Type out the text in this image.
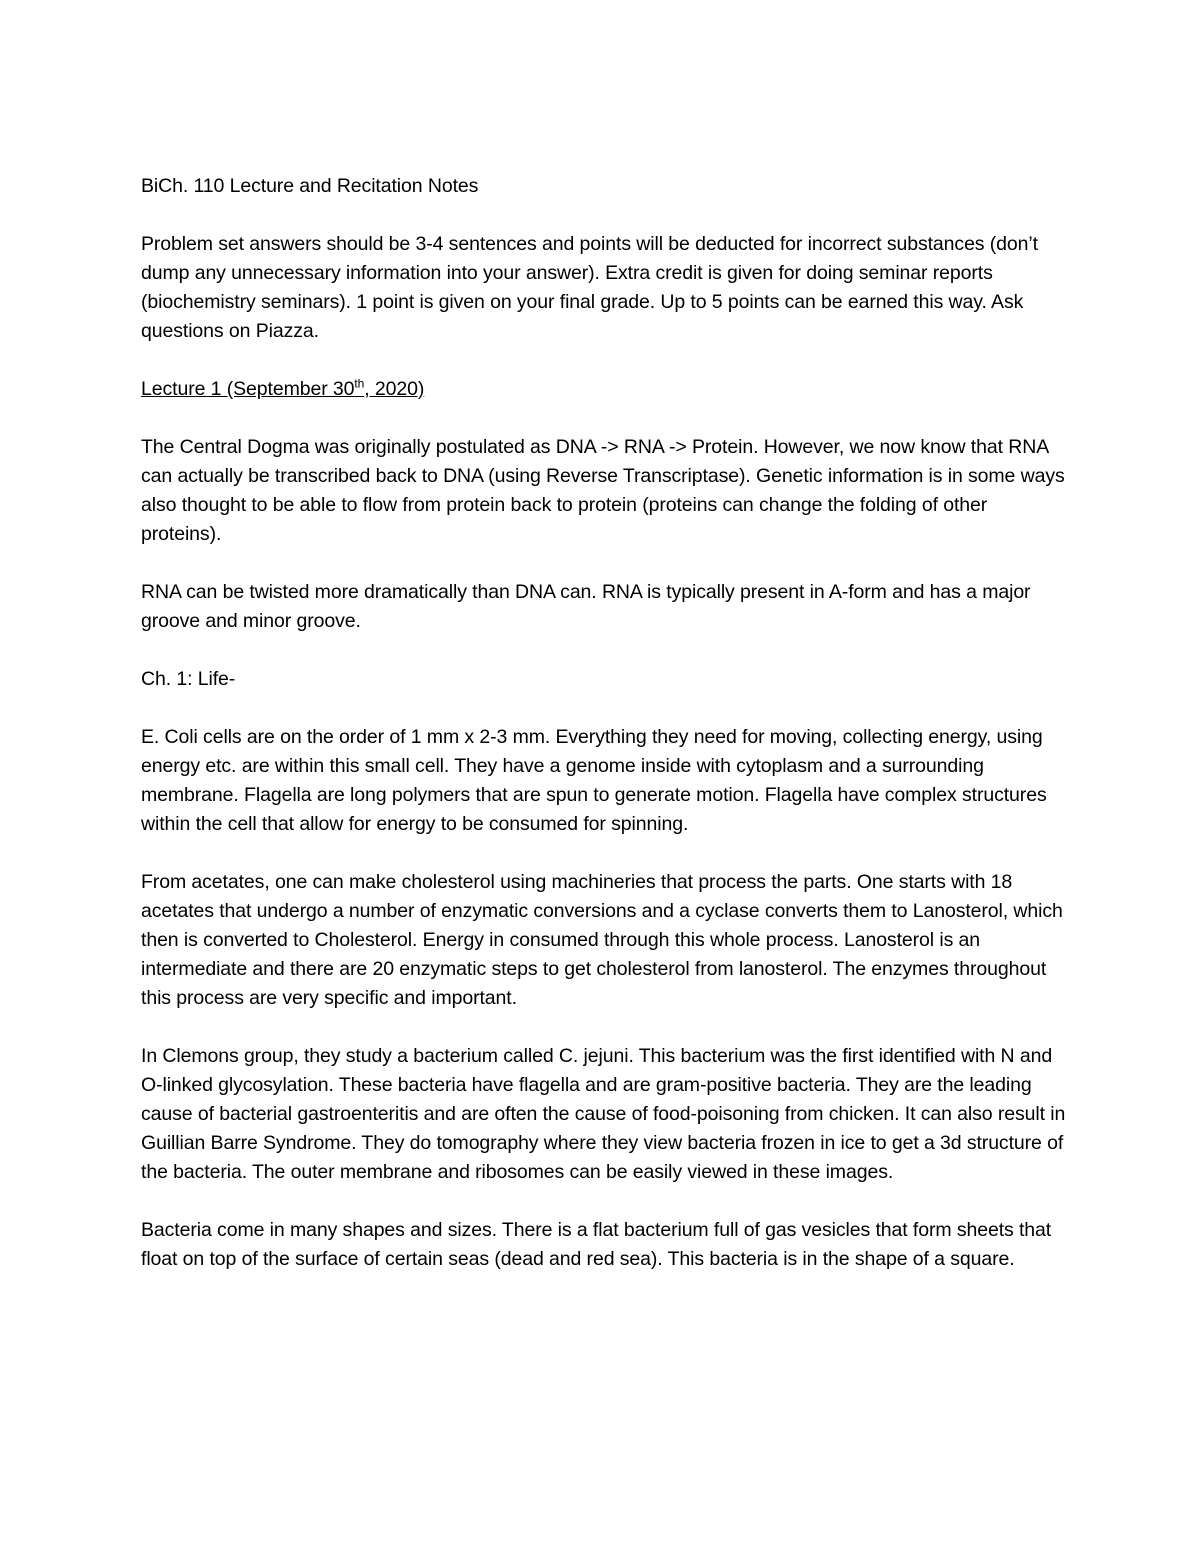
BiCh. 110 Lecture and Recitation Notes

Problem set answers should be 3-4 sentences and points will be deducted for incorrect substances (don’t dump any unnecessary information into your answer). Extra credit is given for doing seminar reports (biochemistry seminars). 1 point is given on your final grade. Up to 5 points can be earned this way. Ask questions on Piazza.

Lecture 1 (September 30th, 2020)

The Central Dogma was originally postulated as DNA -> RNA -> Protein. However, we now know that RNA can actually be transcribed back to DNA (using Reverse Transcriptase). Genetic information is in some ways also thought to be able to flow from protein back to protein (proteins can change the folding of other proteins).

RNA can be twisted more dramatically than DNA can. RNA is typically present in A-form and has a major groove and minor groove.

Ch. 1: Life-

E. Coli cells are on the order of 1 mm x 2-3 mm. Everything they need for moving, collecting energy, using energy etc. are within this small cell. They have a genome inside with cytoplasm and a surrounding membrane. Flagella are long polymers that are spun to generate motion. Flagella have complex structures within the cell that allow for energy to be consumed for spinning.

From acetates, one can make cholesterol using machineries that process the parts. One starts with 18 acetates that undergo a number of enzymatic conversions and a cyclase converts them to Lanosterol, which then is converted to Cholesterol. Energy in consumed through this whole process. Lanosterol is an intermediate and there are 20 enzymatic steps to get cholesterol from lanosterol. The enzymes throughout this process are very specific and important.

In Clemons group, they study a bacterium called C. jejuni. This bacterium was the first identified with N and O-linked glycosylation. These bacteria have flagella and are gram-positive bacteria. They are the leading cause of bacterial gastroenteritis and are often the cause of food-poisoning from chicken. It can also result in Guillian Barre Syndrome. They do tomography where they view bacteria frozen in ice to get a 3d structure of the bacteria. The outer membrane and ribosomes can be easily viewed in these images.

Bacteria come in many shapes and sizes. There is a flat bacterium full of gas vesicles that form sheets that float on top of the surface of certain seas (dead and red sea). This bacteria is in the shape of a square.
